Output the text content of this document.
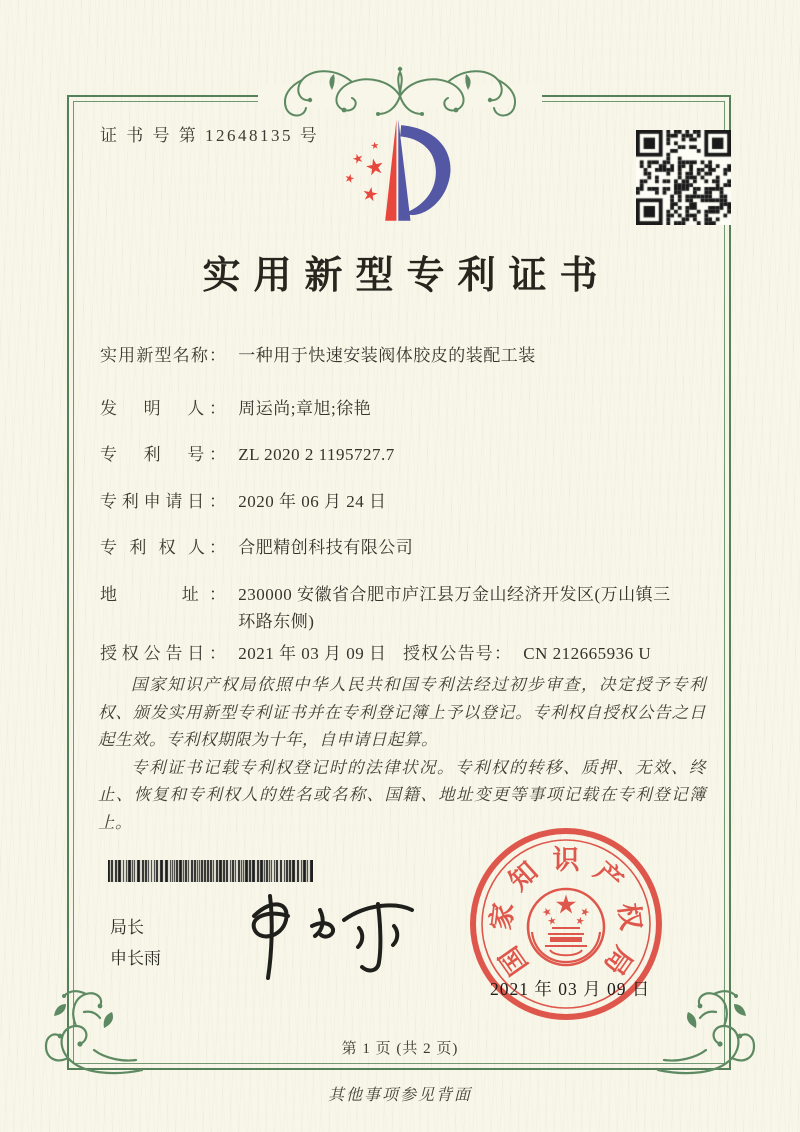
证 书 号 第 12648135 号
实用新型专利证书
实用新型名称： 一种用于快速安装阀体胶皮的装配工装
发　明　人： 周运尚;章旭;徐艳
专　利　号： ZL 2020 2 1195727.7
专利申请日： 2020 年 06 月 24 日
专 利 权 人： 合肥精创科技有限公司
地　　址： 230000 安徽省合肥市庐江县万金山经济开发区(万山镇三环路东侧)
授权公告日： 2021 年 03 月 09 日 授权公告号： CN 212665936 U

国家知识产权局依照中华人民共和国专利法经过初步审查，决定授予专利权、颁发实用新型专利证书并在专利登记簿上予以登记。专利权自授权公告之日起生效。专利权期限为十年，自申请日起算。

专利证书记载专利权登记时的法律状况。专利权的转移、质押、无效、终止、恢复和专利权人的姓名或名称、国籍、地址变更等事项记载在专利登记簿上。

局长
申长雨	国
家
知 识 产
权
局
2021 年 03 月 09 日
第 1 页 (共 2 页)
其他事项参见背面
